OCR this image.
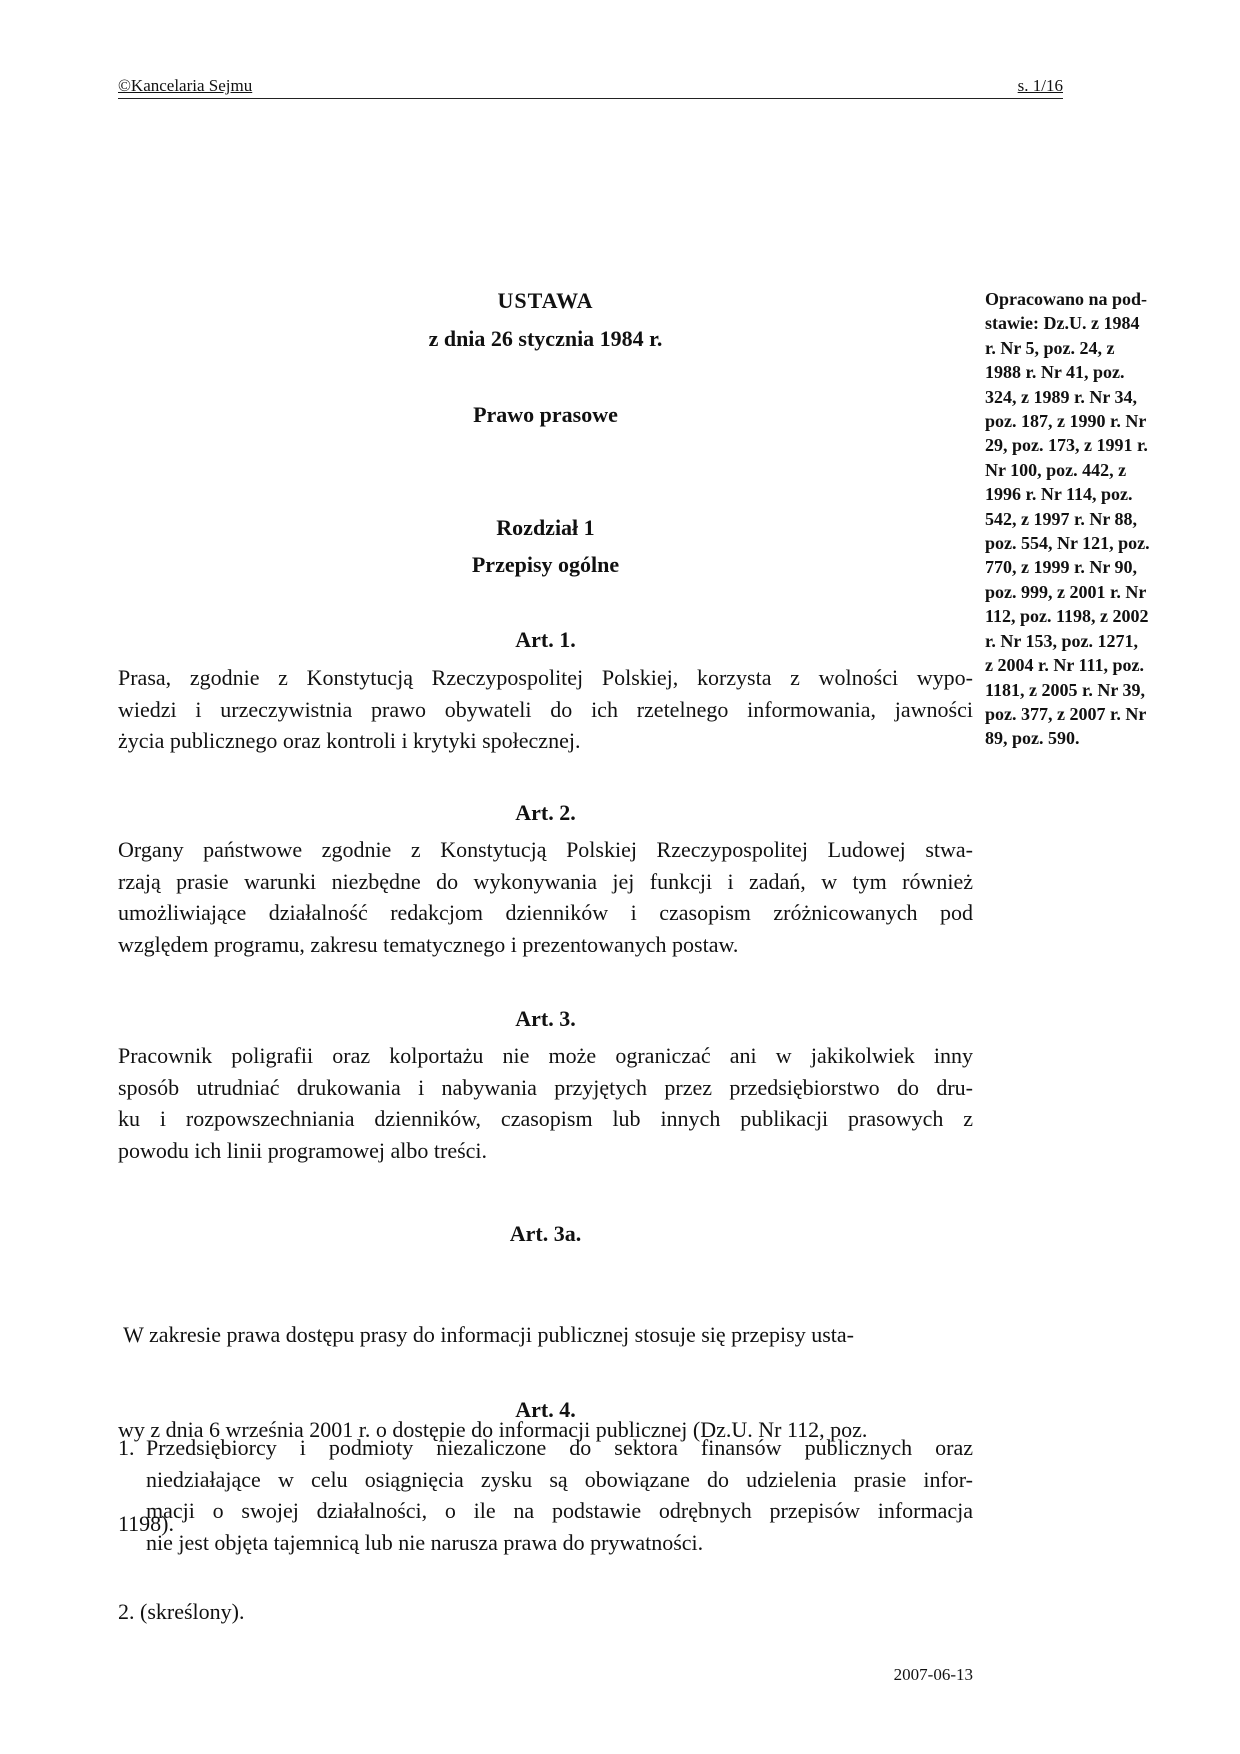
©Kancelaria Sejmu	s. 1/16
USTAWA
z dnia 26 stycznia 1984 r.
Prawo prasowe
Rozdział 1
Przepisy ogólne
Opracowano na pod-
stawie: Dz.U. z 1984
r. Nr 5, poz. 24, z
1988 r. Nr 41, poz.
324, z 1989 r. Nr 34,
poz. 187, z 1990 r. Nr
29, poz. 173, z 1991 r.
Nr 100, poz. 442, z
1996 r. Nr 114, poz.
542, z 1997 r. Nr 88,
poz. 554, Nr 121, poz.
770, z 1999 r. Nr 90,
poz. 999, z 2001 r. Nr
112, poz. 1198, z 2002
r. Nr 153, poz. 1271,
z 2004 r. Nr 111, poz.
1181, z 2005 r. Nr 39,
poz. 377, z 2007 r. Nr
89, poz. 590.
Art. 1.
Prasa, zgodnie z Konstytucją Rzeczypospolitej Polskiej, korzysta z wolności wypo-
wiedzi i urzeczywistnia prawo obywateli do ich rzetelnego informowania, jawności
życia publicznego oraz kontroli i krytyki społecznej.
Art. 2.
Organy państwowe zgodnie z Konstytucją Polskiej Rzeczypospolitej Ludowej stwa-
rzają prasie warunki niezbędne do wykonywania jej funkcji i zadań, w tym również
umożliwiające działalność redakcjom dzienników i czasopism zróżnicowanych pod
względem programu, zakresu tematycznego i prezentowanych postaw.
Art. 3.
Pracownik poligrafii oraz kolportażu nie może ograniczać ani w jakikolwiek inny
sposób utrudniać drukowania i nabywania przyjętych przez przedsiębiorstwo do dru-
ku i rozpowszechniania dzienników, czasopism lub innych publikacji prasowych z
powodu ich linii programowej albo treści.
Art. 3a.

W zakresie prawa dostępu prasy do informacji publicznej stosuje się przepisy usta-

wy z dnia 6 września 2001 r. o dostępie do informacji publicznej (Dz.U. Nr 112, poz.

1198).

Art. 4.
1. Przedsiębiorcy i podmioty niezaliczone do sektora finansów publicznych oraz
niedziałające w celu osiągnięcia zysku są obowiązane do udzielenia prasie infor-
macji o swojej działalności, o ile na podstawie odrębnych przepisów informacja
nie jest objęta tajemnicą lub nie narusza prawa do prywatności.
2. (skreślony).
2007-06-13
